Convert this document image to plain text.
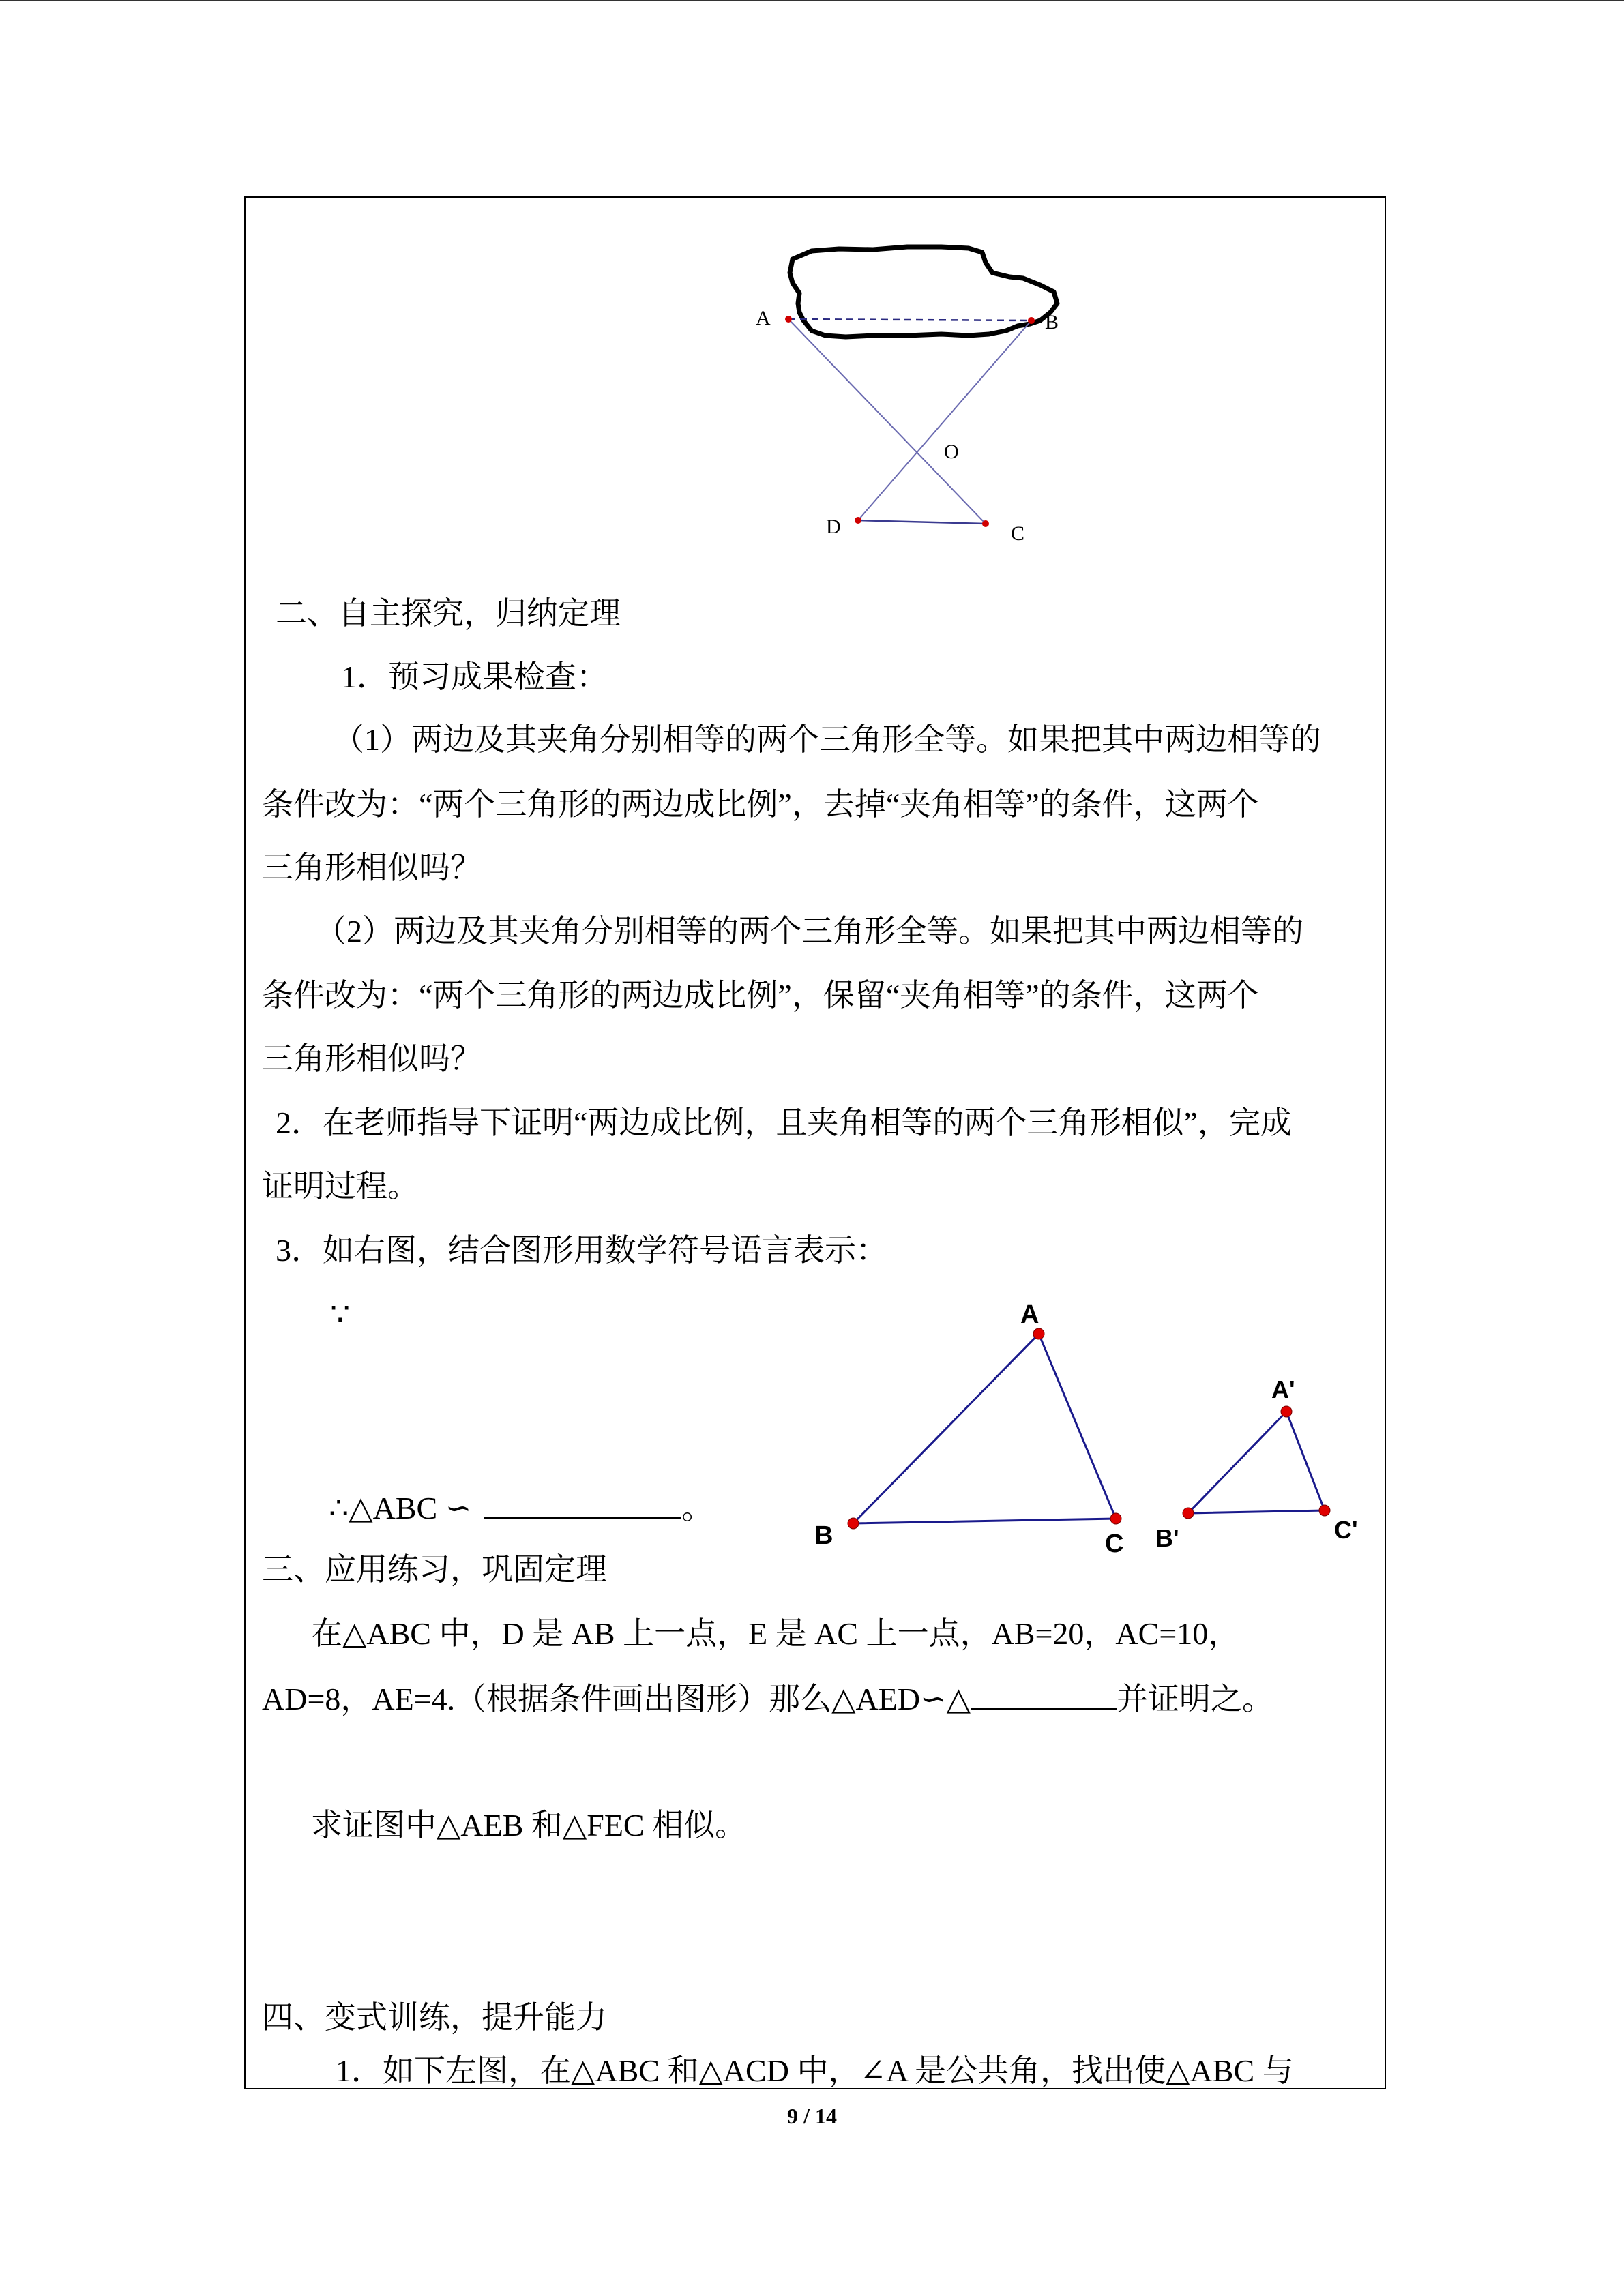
A	B
O
D	C
二、自主探究，归纳定理
1．预习成果检查：
（1）两边及其夹角分别相等的两个三角形全等。如果把其中两边相等的
条件改为：“两个三角形的两边成比例”，去掉“夹角相等”的条件，这两个
三角形相似吗？
（2）两边及其夹角分别相等的两个三角形全等。如果把其中两边相等的
条件改为：“两个三角形的两边成比例”，保留“夹角相等”的条件，这两个
三角形相似吗？
2．在老师指导下证明“两边成比例，且夹角相等的两个三角形相似”，完成
证明过程。
3．如右图，结合图形用数学符号语言表示：
∵
∴△ABC ∽	。
A
B	C
A'
B'	C'
三、应用练习，巩固定理
在△ABC 中，D 是 AB 上一点，E 是 AC 上一点，AB=20，AC=10，
AD=8，AE=4.（根据条件画出图形）那么△AED∽△	并证明之。
求证图中△AEB 和△FEC 相似。
四、变式训练，提升能力
1．如下左图，在△ABC 和△ACD 中，∠A 是公共角，找出使△ABC 与
9 / 14
